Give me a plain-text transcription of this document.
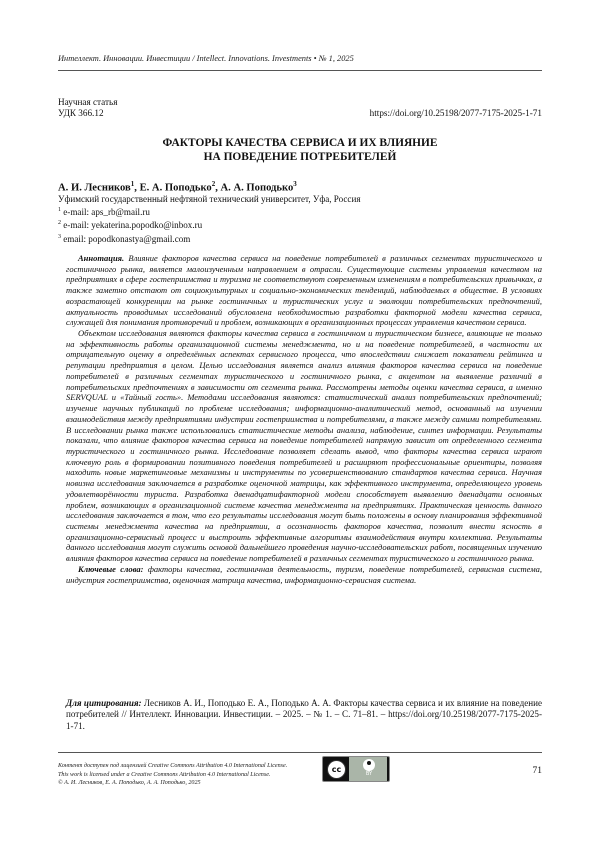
Интеллект. Инновации. Инвестиции / Intellect. Innovations. Investments • № 1, 2025
Научная статья
УДК 366.12	https://doi.org/10.25198/2077-7175-2025-1-71
ФАКТОРЫ КАЧЕСТВА СЕРВИСА И ИХ ВЛИЯНИЕ
НА ПОВЕДЕНИЕ ПОТРЕБИТЕЛЕЙ
А. И. Лесников$^1$, Е. А. Поподько$^2$, А. А. Поподько$^3$
Уфимский государственный нефтяной технический университет, Уфа, Россия
$^1$ e-mail: aps_rb@mail.ru
$^2$ e-mail: yekaterina.popodko@inbox.ru
$^3$ email: popodkonastya@gmail.com

Аннотация. Влияние факторов качества сервиса на поведение потребителей в различных сегментах туристического и гостиничного рынка, является малоизученным направлением в отрасли. Существующие системы управления качеством на предприятиях в сфере гостеприимства и туризма не соответствуют современным изменениям в потребительских привычках, а также заметно отстают от социокультурных и социально-экономических тенденций, наблюдаемых в обществе. В условиях возрастающей конкуренции на рынке гостиничных и туристических услуг и эволюции потребительских предпочтений, актуальность проводимых исследований обусловлена необходимостью разработки факторной модели качества сервиса, служащей для понимания противоречий и проблем, возникающих в организационных процессах управления качеством сервиса.

Объектом исследования являются факторы качества сервиса в гостиничном и туристическом бизнесе, влияющие не только на эффективность работы организационной системы менеджмента, но и на поведение потребителей, в частности их отрицательную оценку в определённых аспектах сервисного процесса, что впоследствии снижает показатели рейтинга и репутации предприятия в целом. Целью исследования является анализ влияния факторов качества сервиса на поведение потребителей в различных сегментах туристического и гостиничного рынка, с акцентом на выявление различий в потребительских предпочтениях в зависимости от сегмента рынка. Рассмотрены методы оценки качества сервиса, а именно SERVQUAL и «Тайный гость». Методами исследования являются: статистический анализ потребительских предпочтений; изучение научных публикаций по проблеме исследования; информационно-аналитический метод, основанный на изучении взаимодействия между предприятиями индустрии гостеприимства и потребителями, а также между самими потребителями. В исследовании рынка также использовались статистические методы анализа, наблюдение, синтез информации. Результаты показали, что влияние факторов качества сервиса на поведение потребителей напрямую зависит от определенного сегмента туристического и гостиничного рынка. Исследование позволяет сделать вывод, что факторы качества сервиса играют ключевую роль в формировании позитивного поведения потребителей и расширяют профессиональные ориентиры, позволяя находить новые маркетинговые механизмы и инструменты по усовершенствованию стандартов качества сервиса. Научная новизна исследования заключается в разработке оценочной матрицы, как эффективного инструмента, определяющего уровень удовлетворённости туриста. Разработка двенадцатифакторной модели способствует выявлению двенадцати основных проблем, возникающих в организационной системе качества менеджмента на предприятиях. Практическая ценность данного исследования заключается в том, что его результаты исследования могут быть положены в основу планирования эффективной системы менеджмента качества на предприятии, а осознанность факторов качества, позволит внести ясность в организационно-сервисный процесс и выстроить эффективные алгоритмы взаимодействия внутри коллектива. Результаты данного исследования могут служить основой дальнейшего проведения научно-исследовательских работ, посвященных изучению влияния факторов качества сервиса на поведение потребителей в различных сегментах туристического и гостиничного рынка.

Ключевые слова: факторы качества, гостиничная деятельность, туризм, поведение потребителей, сервисная система, индустрия гостеприимства, оценочная матрица качества, информационно-сервисная система.

Для цитирования: Лесников А. И., Поподько Е. А., Поподько А. А. Факторы качества сервиса и их влияние на поведение потребителей // Интеллект. Инновации. Инвестиции. – 2025. – № 1. – С. 71–81. – https://doi.org/10.25198/2077-7175-2025-1-71.
Контент доступен под лицензией Creative Commons Attribution 4.0 International License.
This work is licensed under a Creative Commons Attribution 4.0 International License.
© А. И. Лесников, Е. А. Поподько, А. А. Поподько, 2025
cc	BY	71
